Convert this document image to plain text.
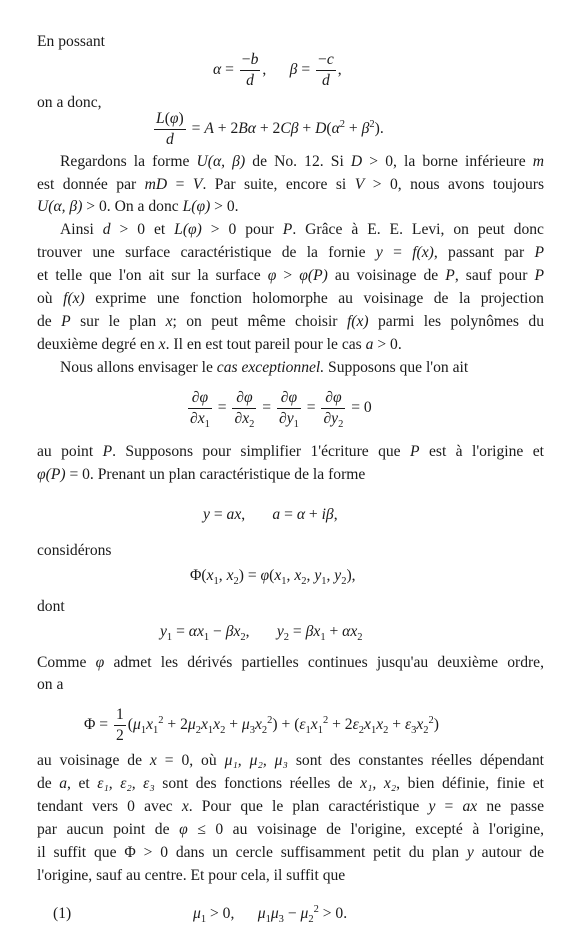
En possant
$\alpha = \frac{-b}{d}$ ,      $\beta = \frac{-c}{d}$ ,
on a donc,
$\frac{L(\varphi)}{d} = A + 2B\alpha + 2C\beta + D(\alpha^2 + \beta^2)$.
Regardons la forme U(α, β) de No. 12. Si D > 0, la borne inférieure m
est donnée par mD = V. Par suite, encore si V > 0, nous avons toujours
U(α, β) > 0. On a donc L(φ) > 0.
Ainsi d > 0 et L(φ) > 0 pour P. Grâce à E. E. Levi, on peut donc
trouver une surface caractéristique de la fornie y = f(x), passant par P
et telle que l'on ait sur la surface φ > φ(P) au voisinage de P, sauf pour P
où f(x) exprime une fonction holomorphe au voisinage de la projection
de P sur le plan x; on peut même choisir f(x) parmi les polynômes du
deuxième degré en x. Il en est tout pareil pour le cas a > 0.
Nous allons envisager le cas exceptionnel. Supposons que l'on ait
$\frac{\partial\varphi}{\partial x_1} = \frac{\partial\varphi}{\partial x_2} = \frac{\partial\varphi}{\partial y_1} = \frac{\partial\varphi}{\partial y_2} = 0$
au point P. Supposons pour simplifier 1'écriture que P est à l'origine et
φ(P) = 0. Prenant un plan caractéristique de la forme
y = ax,       a = α + iβ,
considérons
$\Phi(x_1$, $x_2) = \varphi(x_1$, $x_2$, $y_1$, $y_2$),
dont
$y_1 = \alpha x_1 - \beta x_2$,       $y_2 = \beta x_1 + \alpha x_2$
Comme φ admet les dérivés partielles continues jusqu'au deuxième ordre,
on a
$\Phi = \frac{1}{2} (\mu_1x_1^2 + 2\mu_2x_1x_2 + \mu_3x_2^2) + (\varepsilon_1x_1^2 + 2\varepsilon_2x_1x_2 + \varepsilon_3x_2^2)$
au voisinage de x = 0, où μ₁, μ₂, μ₃ sont des constantes réelles dépendant
de a, et ε₁, ε₂, ε₃ sont des fonctions réelles de x₁, x₂, bien définie, finie et
tendant vers 0 avec x. Pour que le plan caractéristique y = ax ne passe
par aucun point de φ ≤ 0 au voisinage de l'origine, excepté à l'origine,
il suffit que Φ > 0 dans un cercle suffisamment petit du plan y autour de
l'origine, sauf au centre. Et pour cela, il suffit que
(1)	$\mu_1 > 0$,      $\mu_1\mu_3 - \mu_2^2 > 0$.
